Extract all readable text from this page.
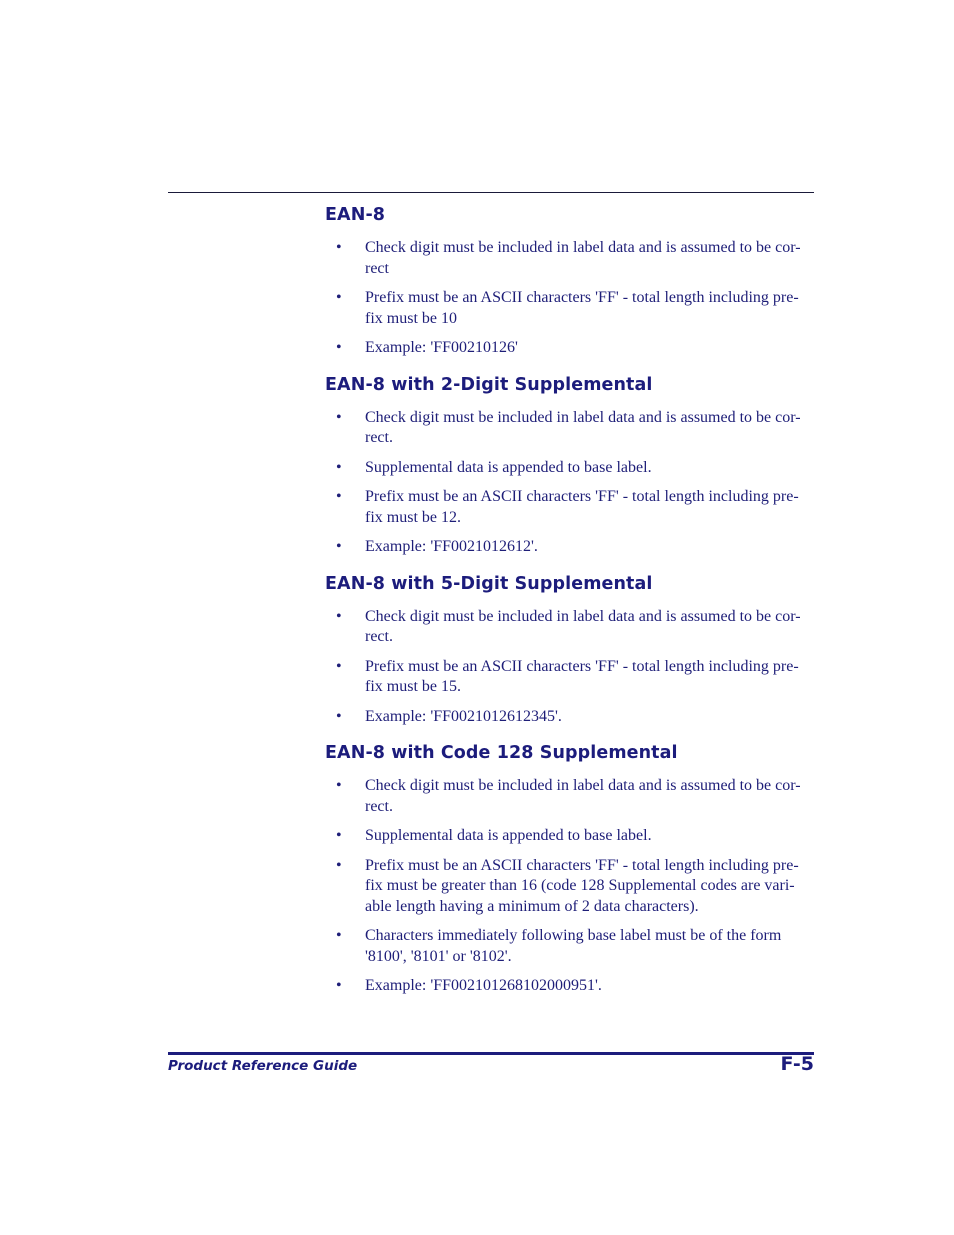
EAN-8
• Check digit must be included in label data and is assumed to be cor-rect
• Prefix must be an ASCII characters 'FF' - total length including pre-fix must be 10
• Example: 'FF00210126'
EAN-8 with 2-Digit Supplemental
• Check digit must be included in label data and is assumed to be cor-rect.
• Supplemental data is appended to base label.
• Prefix must be an ASCII characters 'FF' - total length including pre-fix must be 12.
• Example: 'FF0021012612'.
EAN-8 with 5-Digit Supplemental
• Check digit must be included in label data and is assumed to be cor-rect.
• Prefix must be an ASCII characters 'FF' - total length including pre-fix must be 15.
• Example: 'FF0021012612345'.
EAN-8 with Code 128 Supplemental
• Check digit must be included in label data and is assumed to be cor-rect.
• Supplemental data is appended to base label.
• Prefix must be an ASCII characters 'FF' - total length including pre-fix must be greater than 16 (code 128 Supplemental codes are vari-able length having a minimum of 2 data characters).
• Characters immediately following base label must be of the form '8100', '8101' or '8102'.
• Example: 'FF002101268102000951'.
Product Reference Guide	F-5
